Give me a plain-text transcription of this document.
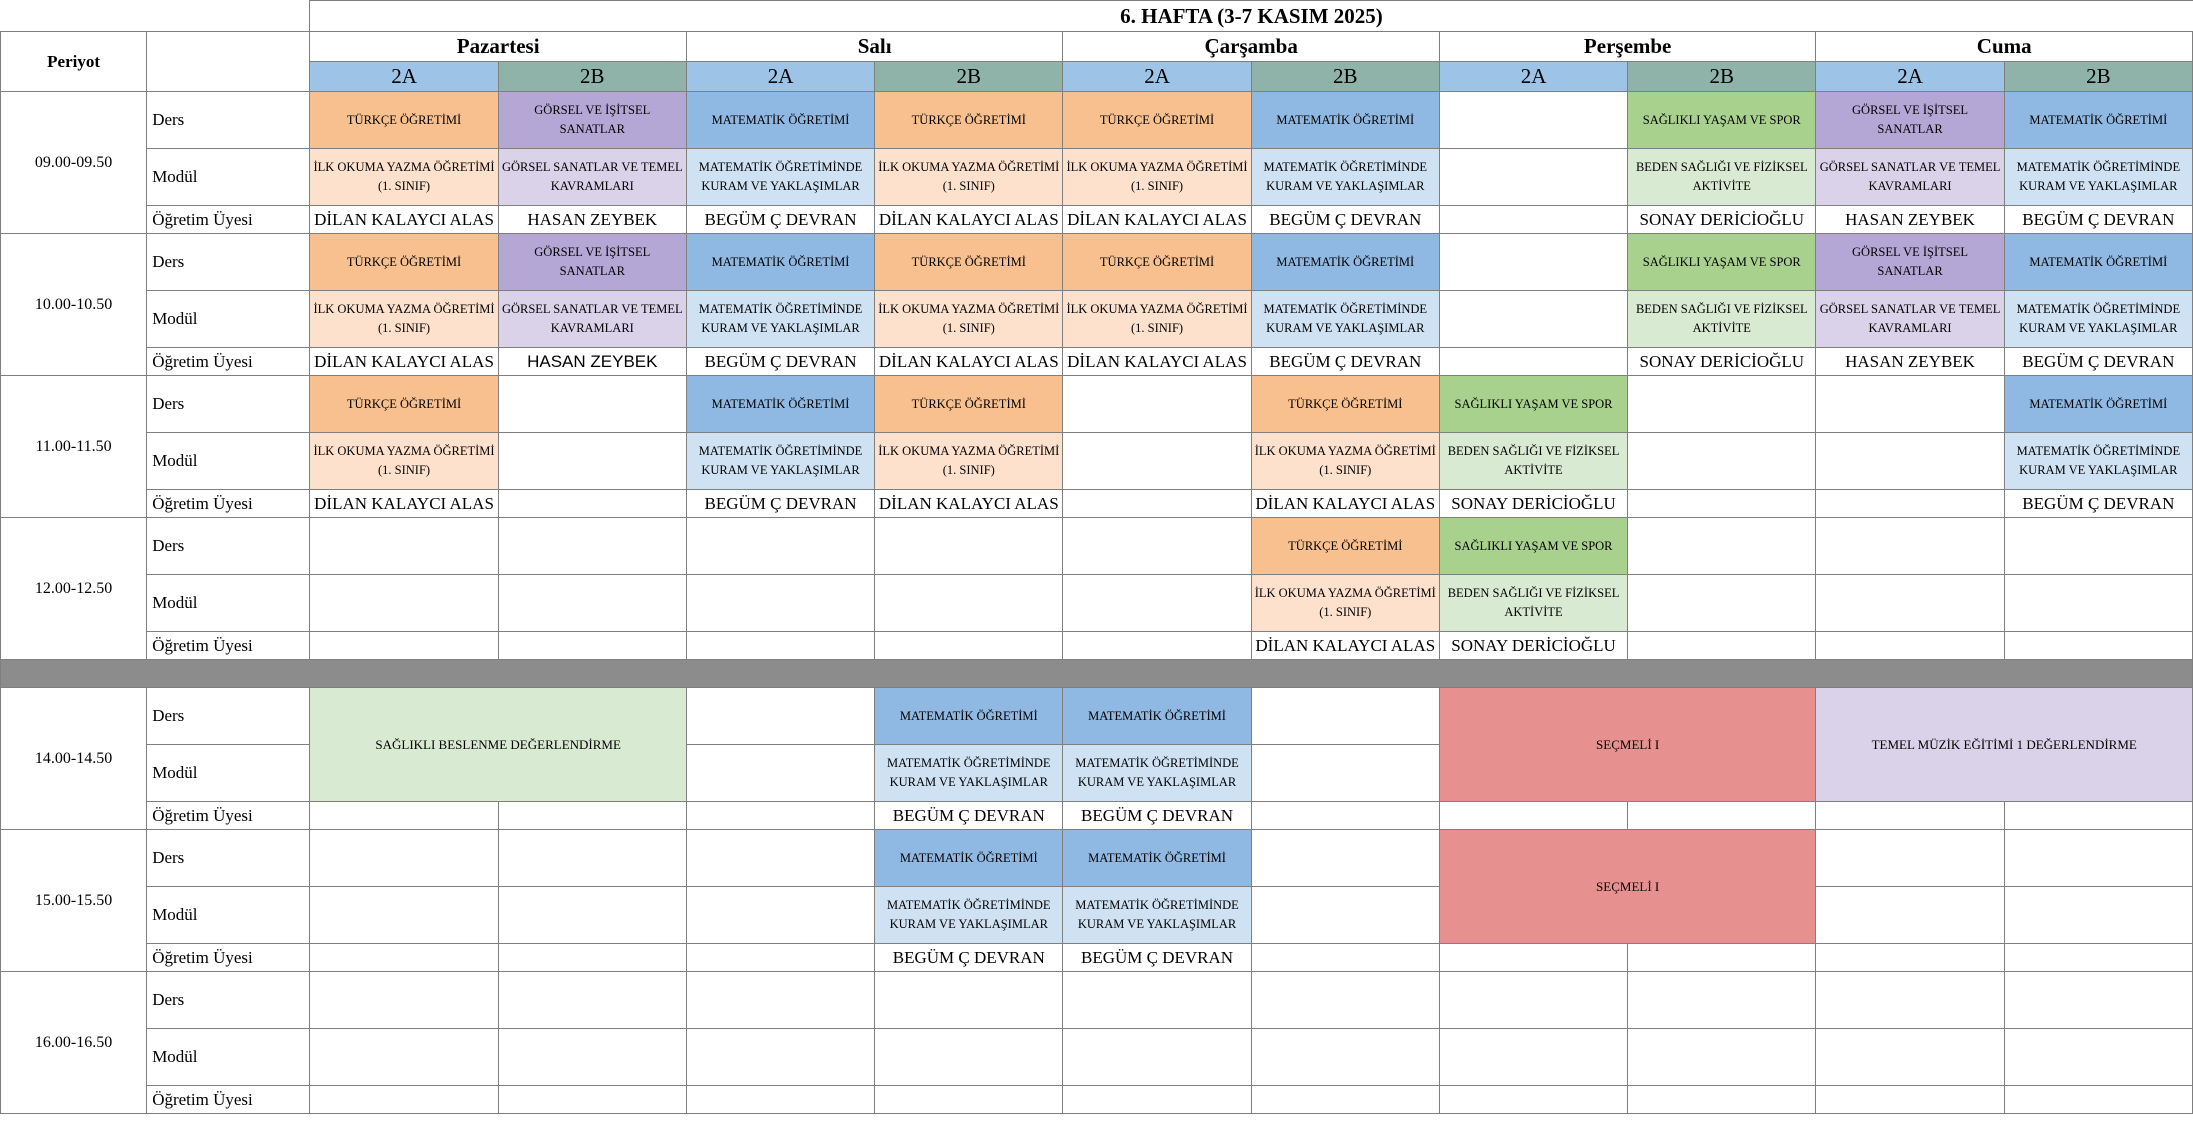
		6. HAFTA (3-7 KASIM 2025)									
Periyot		Pazartesi		Salı		Çarşamba		Perşembe		Cuma	
		2A	2B	2A	2B	2A	2B	2A	2B	2A	2B
09.00-09.50	Ders	TÜRKÇE ÖĞRETİMİ	GÖRSEL VE İŞİTSEL SANATLAR	MATEMATİK ÖĞRETİMİ	TÜRKÇE ÖĞRETİMİ	TÜRKÇE ÖĞRETİMİ	MATEMATİK ÖĞRETİMİ		SAĞLIKLI YAŞAM VE SPOR	GÖRSEL VE İŞİTSEL SANATLAR	MATEMATİK ÖĞRETİMİ
	Modül	İLK OKUMA YAZMA ÖĞRETİMİ (1. SINIF)	GÖRSEL SANATLAR VE TEMEL KAVRAMLARI	MATEMATİK ÖĞRETİMİNDE KURAM VE YAKLAŞIMLAR	İLK OKUMA YAZMA ÖĞRETİMİ (1. SINIF)	İLK OKUMA YAZMA ÖĞRETİMİ (1. SINIF)	MATEMATİK ÖĞRETİMİNDE KURAM VE YAKLAŞIMLAR		BEDEN SAĞLIĞI VE FİZİKSEL AKTİVİTE	GÖRSEL SANATLAR VE TEMEL KAVRAMLARI	MATEMATİK ÖĞRETİMİNDE KURAM VE YAKLAŞIMLAR
	Öğretim Üyesi	DİLAN KALAYCI ALAS	HASAN ZEYBEK	BEGÜM Ç DEVRAN	DİLAN KALAYCI ALAS	DİLAN KALAYCI ALAS	BEGÜM Ç DEVRAN		SONAY DERİCİOĞLU	HASAN ZEYBEK	BEGÜM Ç DEVRAN
10.00-10.50	Ders	TÜRKÇE ÖĞRETİMİ	GÖRSEL VE İŞİTSEL SANATLAR	MATEMATİK ÖĞRETİMİ	TÜRKÇE ÖĞRETİMİ	TÜRKÇE ÖĞRETİMİ	MATEMATİK ÖĞRETİMİ		SAĞLIKLI YAŞAM VE SPOR	GÖRSEL VE İŞİTSEL SANATLAR	MATEMATİK ÖĞRETİMİ
	Modül	İLK OKUMA YAZMA ÖĞRETİMİ (1. SINIF)	GÖRSEL SANATLAR VE TEMEL KAVRAMLARI	MATEMATİK ÖĞRETİMİNDE KURAM VE YAKLAŞIMLAR	İLK OKUMA YAZMA ÖĞRETİMİ (1. SINIF)	İLK OKUMA YAZMA ÖĞRETİMİ (1. SINIF)	MATEMATİK ÖĞRETİMİNDE KURAM VE YAKLAŞIMLAR		BEDEN SAĞLIĞI VE FİZİKSEL AKTİVİTE	GÖRSEL SANATLAR VE TEMEL KAVRAMLARI	MATEMATİK ÖĞRETİMİNDE KURAM VE YAKLAŞIMLAR
	Öğretim Üyesi	DİLAN KALAYCI ALAS	HASAN ZEYBEK	BEGÜM Ç DEVRAN	DİLAN KALAYCI ALAS	DİLAN KALAYCI ALAS	BEGÜM Ç DEVRAN		SONAY DERİCİOĞLU	HASAN ZEYBEK	BEGÜM Ç DEVRAN
11.00-11.50	Ders	TÜRKÇE ÖĞRETİMİ		MATEMATİK ÖĞRETİMİ	TÜRKÇE ÖĞRETİMİ		TÜRKÇE ÖĞRETİMİ	SAĞLIKLI YAŞAM VE SPOR			MATEMATİK ÖĞRETİMİ
	Modül	İLK OKUMA YAZMA ÖĞRETİMİ (1. SINIF)		MATEMATİK ÖĞRETİMİNDE KURAM VE YAKLAŞIMLAR	İLK OKUMA YAZMA ÖĞRETİMİ (1. SINIF)		İLK OKUMA YAZMA ÖĞRETİMİ (1. SINIF)	BEDEN SAĞLIĞI VE FİZİKSEL AKTİVİTE			MATEMATİK ÖĞRETİMİNDE KURAM VE YAKLAŞIMLAR
	Öğretim Üyesi	DİLAN KALAYCI ALAS		BEGÜM Ç DEVRAN	DİLAN KALAYCI ALAS		DİLAN KALAYCI ALAS	SONAY DERİCİOĞLU			BEGÜM Ç DEVRAN
12.00-12.50	Ders						TÜRKÇE ÖĞRETİMİ	SAĞLIKLI YAŞAM VE SPOR			
	Modül						İLK OKUMA YAZMA ÖĞRETİMİ (1. SINIF)	BEDEN SAĞLIĞI VE FİZİKSEL AKTİVİTE			
	Öğretim Üyesi						DİLAN KALAYCI ALAS	SONAY DERİCİOĞLU			

14.00-14.50	Ders	SAĞLIKLI BESLENME DEĞERLENDİRME			MATEMATİK ÖĞRETİMİ	MATEMATİK ÖĞRETİMİ		SEÇMELİ I		TEMEL MÜZİK EĞİTİMİ 1 DEĞERLENDİRME	
	Modül				MATEMATİK ÖĞRETİMİNDE KURAM VE YAKLAŞIMLAR	MATEMATİK ÖĞRETİMİNDE KURAM VE YAKLAŞIMLAR					
	Öğretim Üyesi				BEGÜM Ç DEVRAN	BEGÜM Ç DEVRAN					
15.00-15.50	Ders				MATEMATİK ÖĞRETİMİ	MATEMATİK ÖĞRETİMİ		SEÇMELİ I			
	Modül				MATEMATİK ÖĞRETİMİNDE KURAM VE YAKLAŞIMLAR	MATEMATİK ÖĞRETİMİNDE KURAM VE YAKLAŞIMLAR					
	Öğretim Üyesi				BEGÜM Ç DEVRAN	BEGÜM Ç DEVRAN					
16.00-16.50	Ders										
	Modül										
	Öğretim Üyesi										
